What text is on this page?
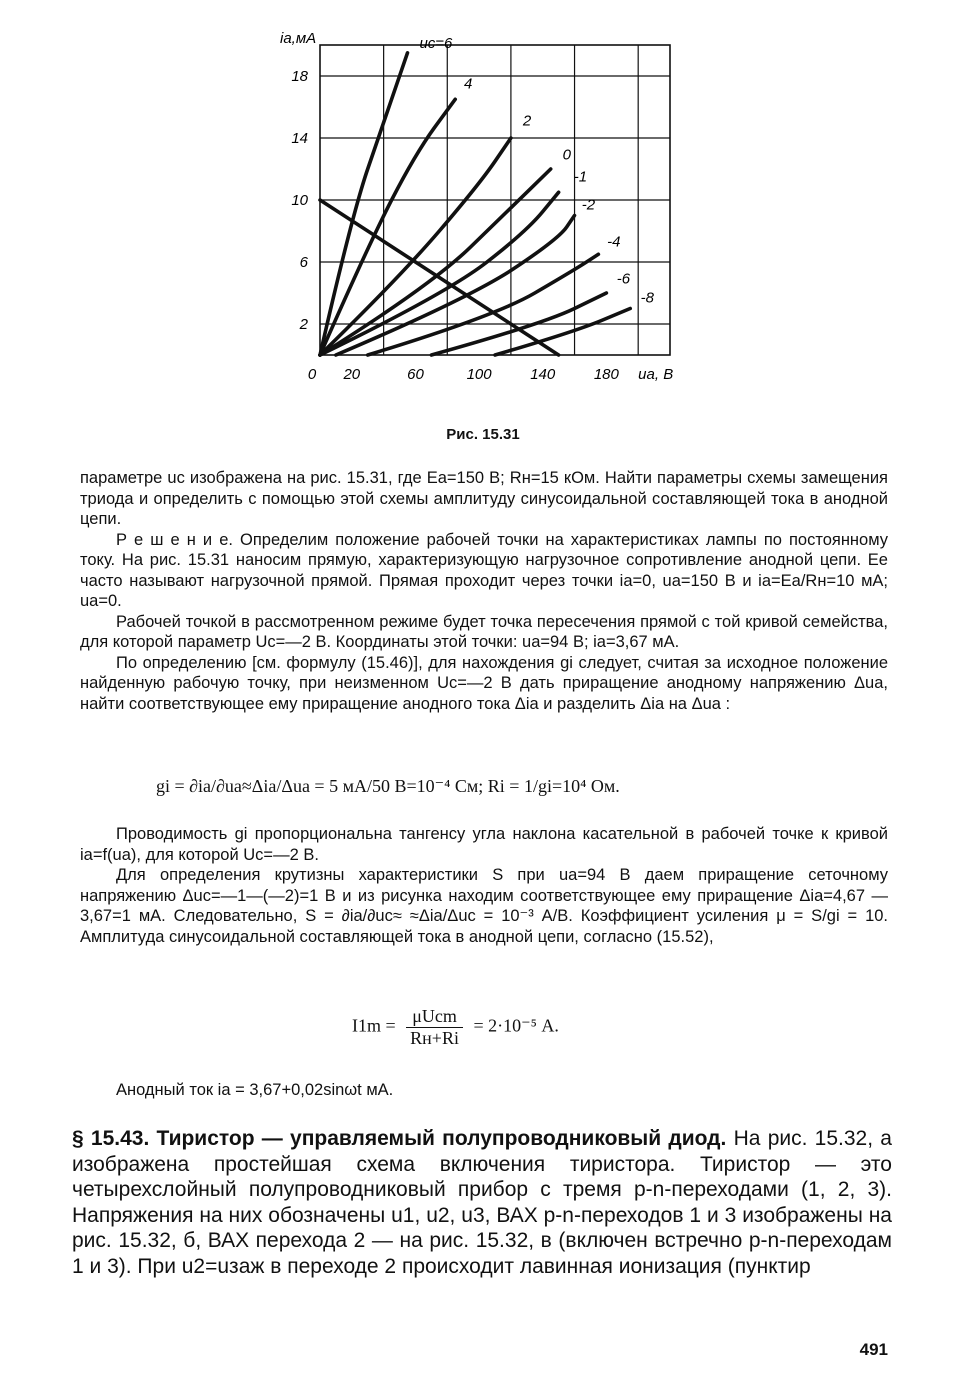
18
14
10
6
2
0 20	60	100	140	180
uc=6
4
2
0
-1
-2
-4
-6
-8
ia,мА
ua, B
Рис. 15.31

параметре uс изображена на рис. 15.31, где Eа=150 В; Rн=15 кОм. Найти параметры схемы замещения триода и определить с помощью этой схемы амплитуду синусоидальной составляющей тока в анодной цепи.

Р е ш е н и е. Определим положение рабочей точки на характеристиках лампы по постоянному току. На рис. 15.31 наносим прямую, характеризующую нагрузочное сопротивление анодной цепи. Ее часто называют нагрузочной прямой. Прямая проходит через точки iа=0, uа=150 В и iа=Eа/Rн=10 мА; uа=0.

Рабочей точкой в рассмотренном режиме будет точка пересечения прямой с той кривой семейства, для которой параметр Uс=—2 В. Координаты этой точки: uа=94 В; iа=3,67 мА.

По определению [см. формулу (15.46)], для нахождения gi следует, считая за исходное положение найденную рабочую точку, при неизменном Uс=—2 В дать приращение анодному напряжению Δuа, найти соответствующее ему приращение анодного тока Δiа и разделить Δiа на Δuа :

gi = ∂iа/∂uа≈Δiа/Δuа = 5 мА/50 В=10⁻⁴ См; Ri = 1/gi=10⁴ Ом.

Проводимость gi пропорциональна тангенсу угла наклона касательной в рабочей точке к кривой iа=f(uа), для которой Uс=—2 В.

Для определения крутизны характеристики S при uа=94 В даем приращение сеточному напряжению Δuс=—1—(—2)=1 В и из рисунка находим соответствующее ему приращение Δiа=4,67 — 3,67=1 мА. Следовательно, S = ∂iа/∂uс≈ ≈Δiа/Δuс = 10⁻³ А/В. Коэффициент усиления μ = S/gi = 10. Амплитуда синусоидальной составляющей тока в анодной цепи, согласно (15.52),

$I1m = \frac{\text{μUсm}}{Rн+Ri} = 2\cdot 10^{-5}$ А.

Анодный ток iа = 3,67+0,02sinωt мА.

§ 15.43. Тиристор — управляемый полупроводниковый диод. На рис. 15.32, а изображена простейшая схема включения тиристора. Тиристор — это четырехслойный полупроводниковый прибор с тремя p-n-переходами (1, 2, 3). Напряжения на них обозначены u1, u2, u3, ВАХ p-n-переходов 1 и 3 изображены на рис. 15.32, б, ВАХ перехода 2 — на рис. 15.32, в (включен встречно p-n-переходам 1 и 3). При u2=uзаж в переходе 2 происходит лавинная ионизация (пунктир
491
